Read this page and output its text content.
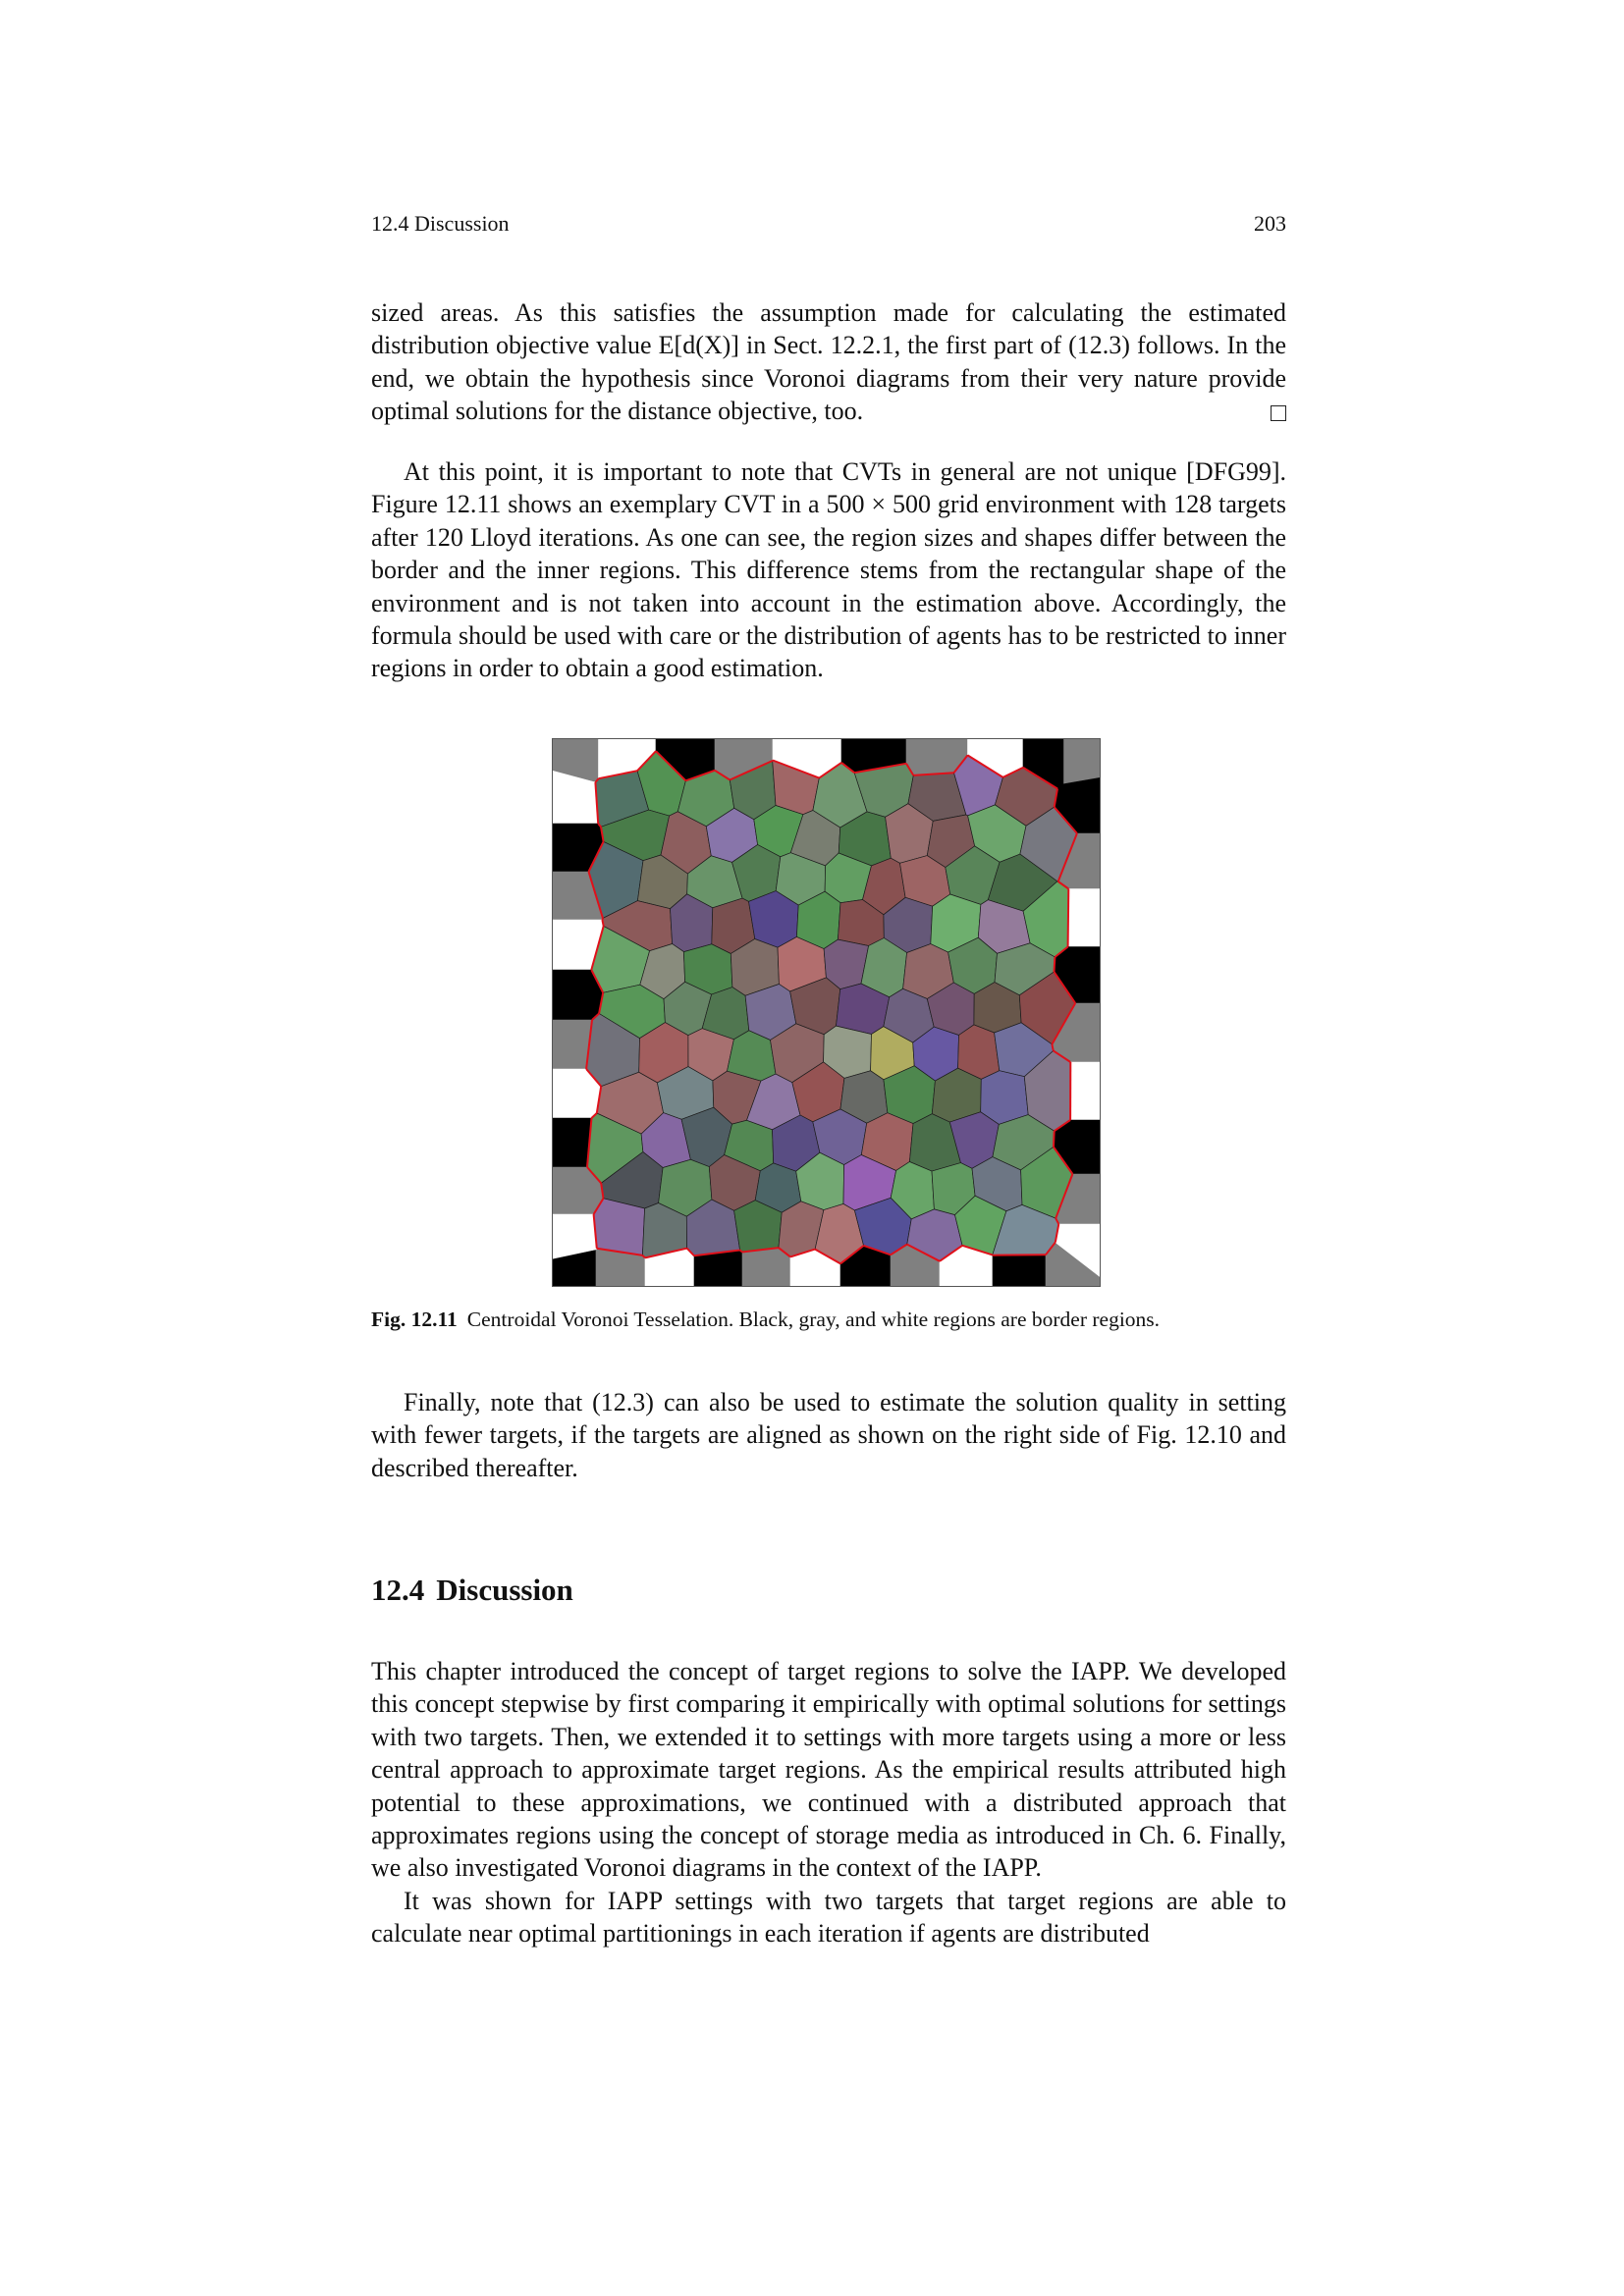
12.4 Discussion	203

sized areas. As this satisfies the assumption made for calculating the estimated distribution objective value E[d(X)] in Sect. 12.2.1, the first part of (12.3) follows. In the end, we obtain the hypothesis since Voronoi diagrams from their very nature provide optimal solutions for the distance objective, too.

At this point, it is important to note that CVTs in general are not unique [DFG99]. Figure 12.11 shows an exemplary CVT in a 500 × 500 grid environment with 128 targets after 120 Lloyd iterations. As one can see, the region sizes and shapes differ between the border and the inner regions. This difference stems from the rectangular shape of the environment and is not taken into account in the estimation above. Accordingly, the formula should be used with care or the distribution of agents has to be restricted to inner regions in order to obtain a good estimation.

Fig. 12.11 Centroidal Voronoi Tesselation. Black, gray, and white regions are border regions.

Finally, note that (12.3) can also be used to estimate the solution quality in setting with fewer targets, if the targets are aligned as shown on the right side of Fig. 12.10 and described thereafter.

12.4 Discussion

This chapter introduced the concept of target regions to solve the IAPP. We developed this concept stepwise by first comparing it empirically with optimal solutions for settings with two targets. Then, we extended it to settings with more targets using a more or less central approach to approximate target regions. As the empirical results attributed high potential to these approximations, we continued with a distributed approach that approximates regions using the concept of storage media as introduced in Ch. 6. Finally, we also investigated Voronoi diagrams in the context of the IAPP.

It was shown for IAPP settings with two targets that target regions are able to calculate near optimal partitionings in each iteration if agents are distributed
